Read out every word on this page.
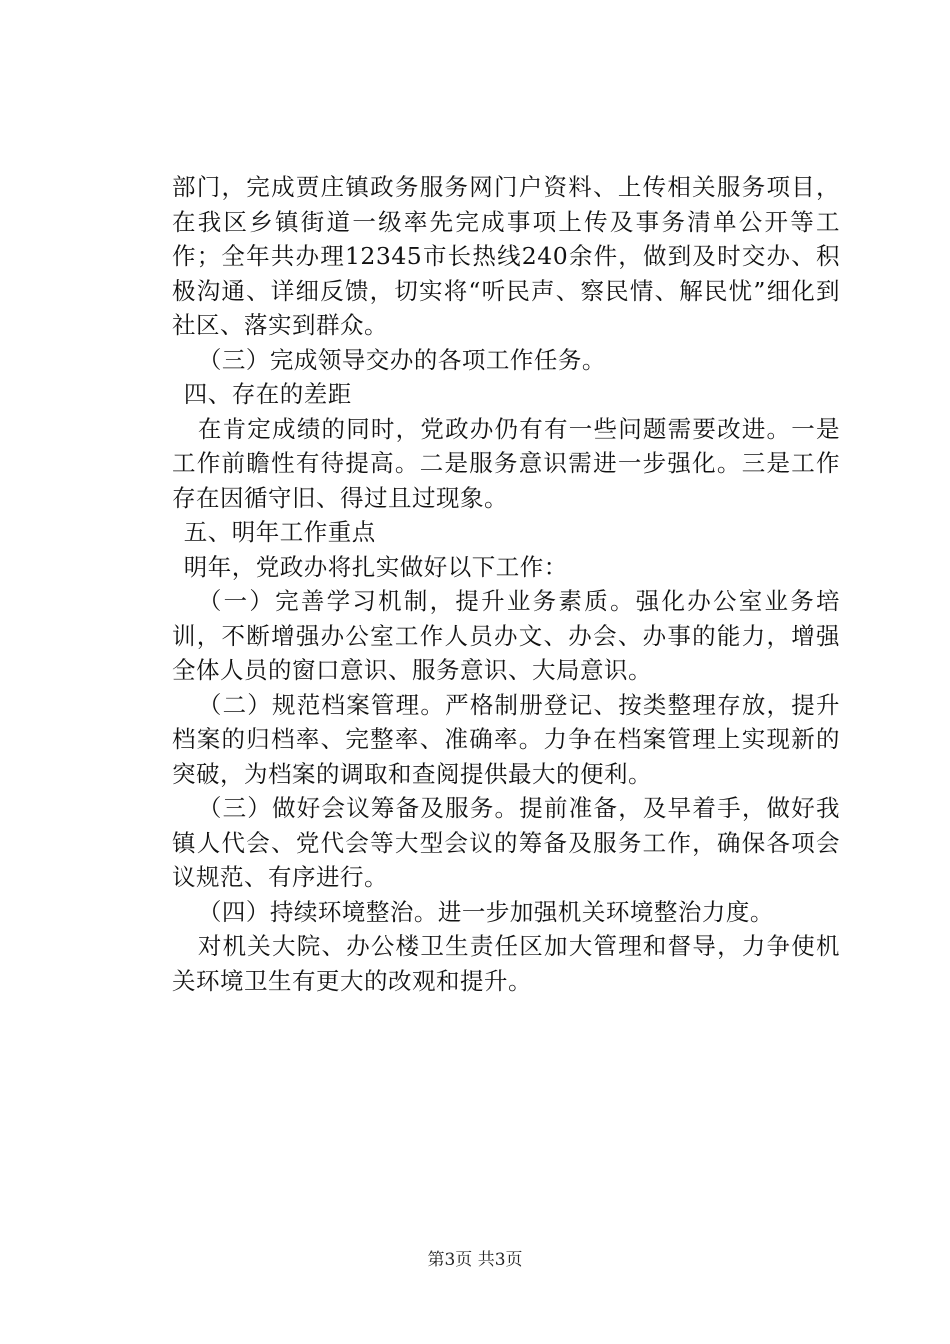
部门，完成贾庄镇政务服务网门户资料、上传相关服务项目，在我区乡镇街道一级率先完成事项上传及事务清单公开等工作；全年共办理12345市长热线240余件，做到及时交办、积极沟通、详细反馈，切实将“听民声、察民情、解民忧”细化到社区、落实到群众。

（三）完成领导交办的各项工作任务。

四、存在的差距

在肯定成绩的同时，党政办仍有有一些问题需要改进。一是工作前瞻性有待提高。二是服务意识需进一步强化。三是工作存在因循守旧、得过且过现象。

五、明年工作重点

明年，党政办将扎实做好以下工作：

（一）完善学习机制，提升业务素质。强化办公室业务培训，不断增强办公室工作人员办文、办会、办事的能力，增强全体人员的窗口意识、服务意识、大局意识。

（二）规范档案管理。严格制册登记、按类整理存放，提升档案的归档率、完整率、准确率。力争在档案管理上实现新的突破，为档案的调取和查阅提供最大的便利。

（三）做好会议筹备及服务。提前准备，及早着手，做好我镇人代会、党代会等大型会议的筹备及服务工作，确保各项会议规范、有序进行。

（四）持续环境整治。进一步加强机关环境整治力度。

对机关大院、办公楼卫生责任区加大管理和督导，力争使机关环境卫生有更大的改观和提升。

第3页 共3页
